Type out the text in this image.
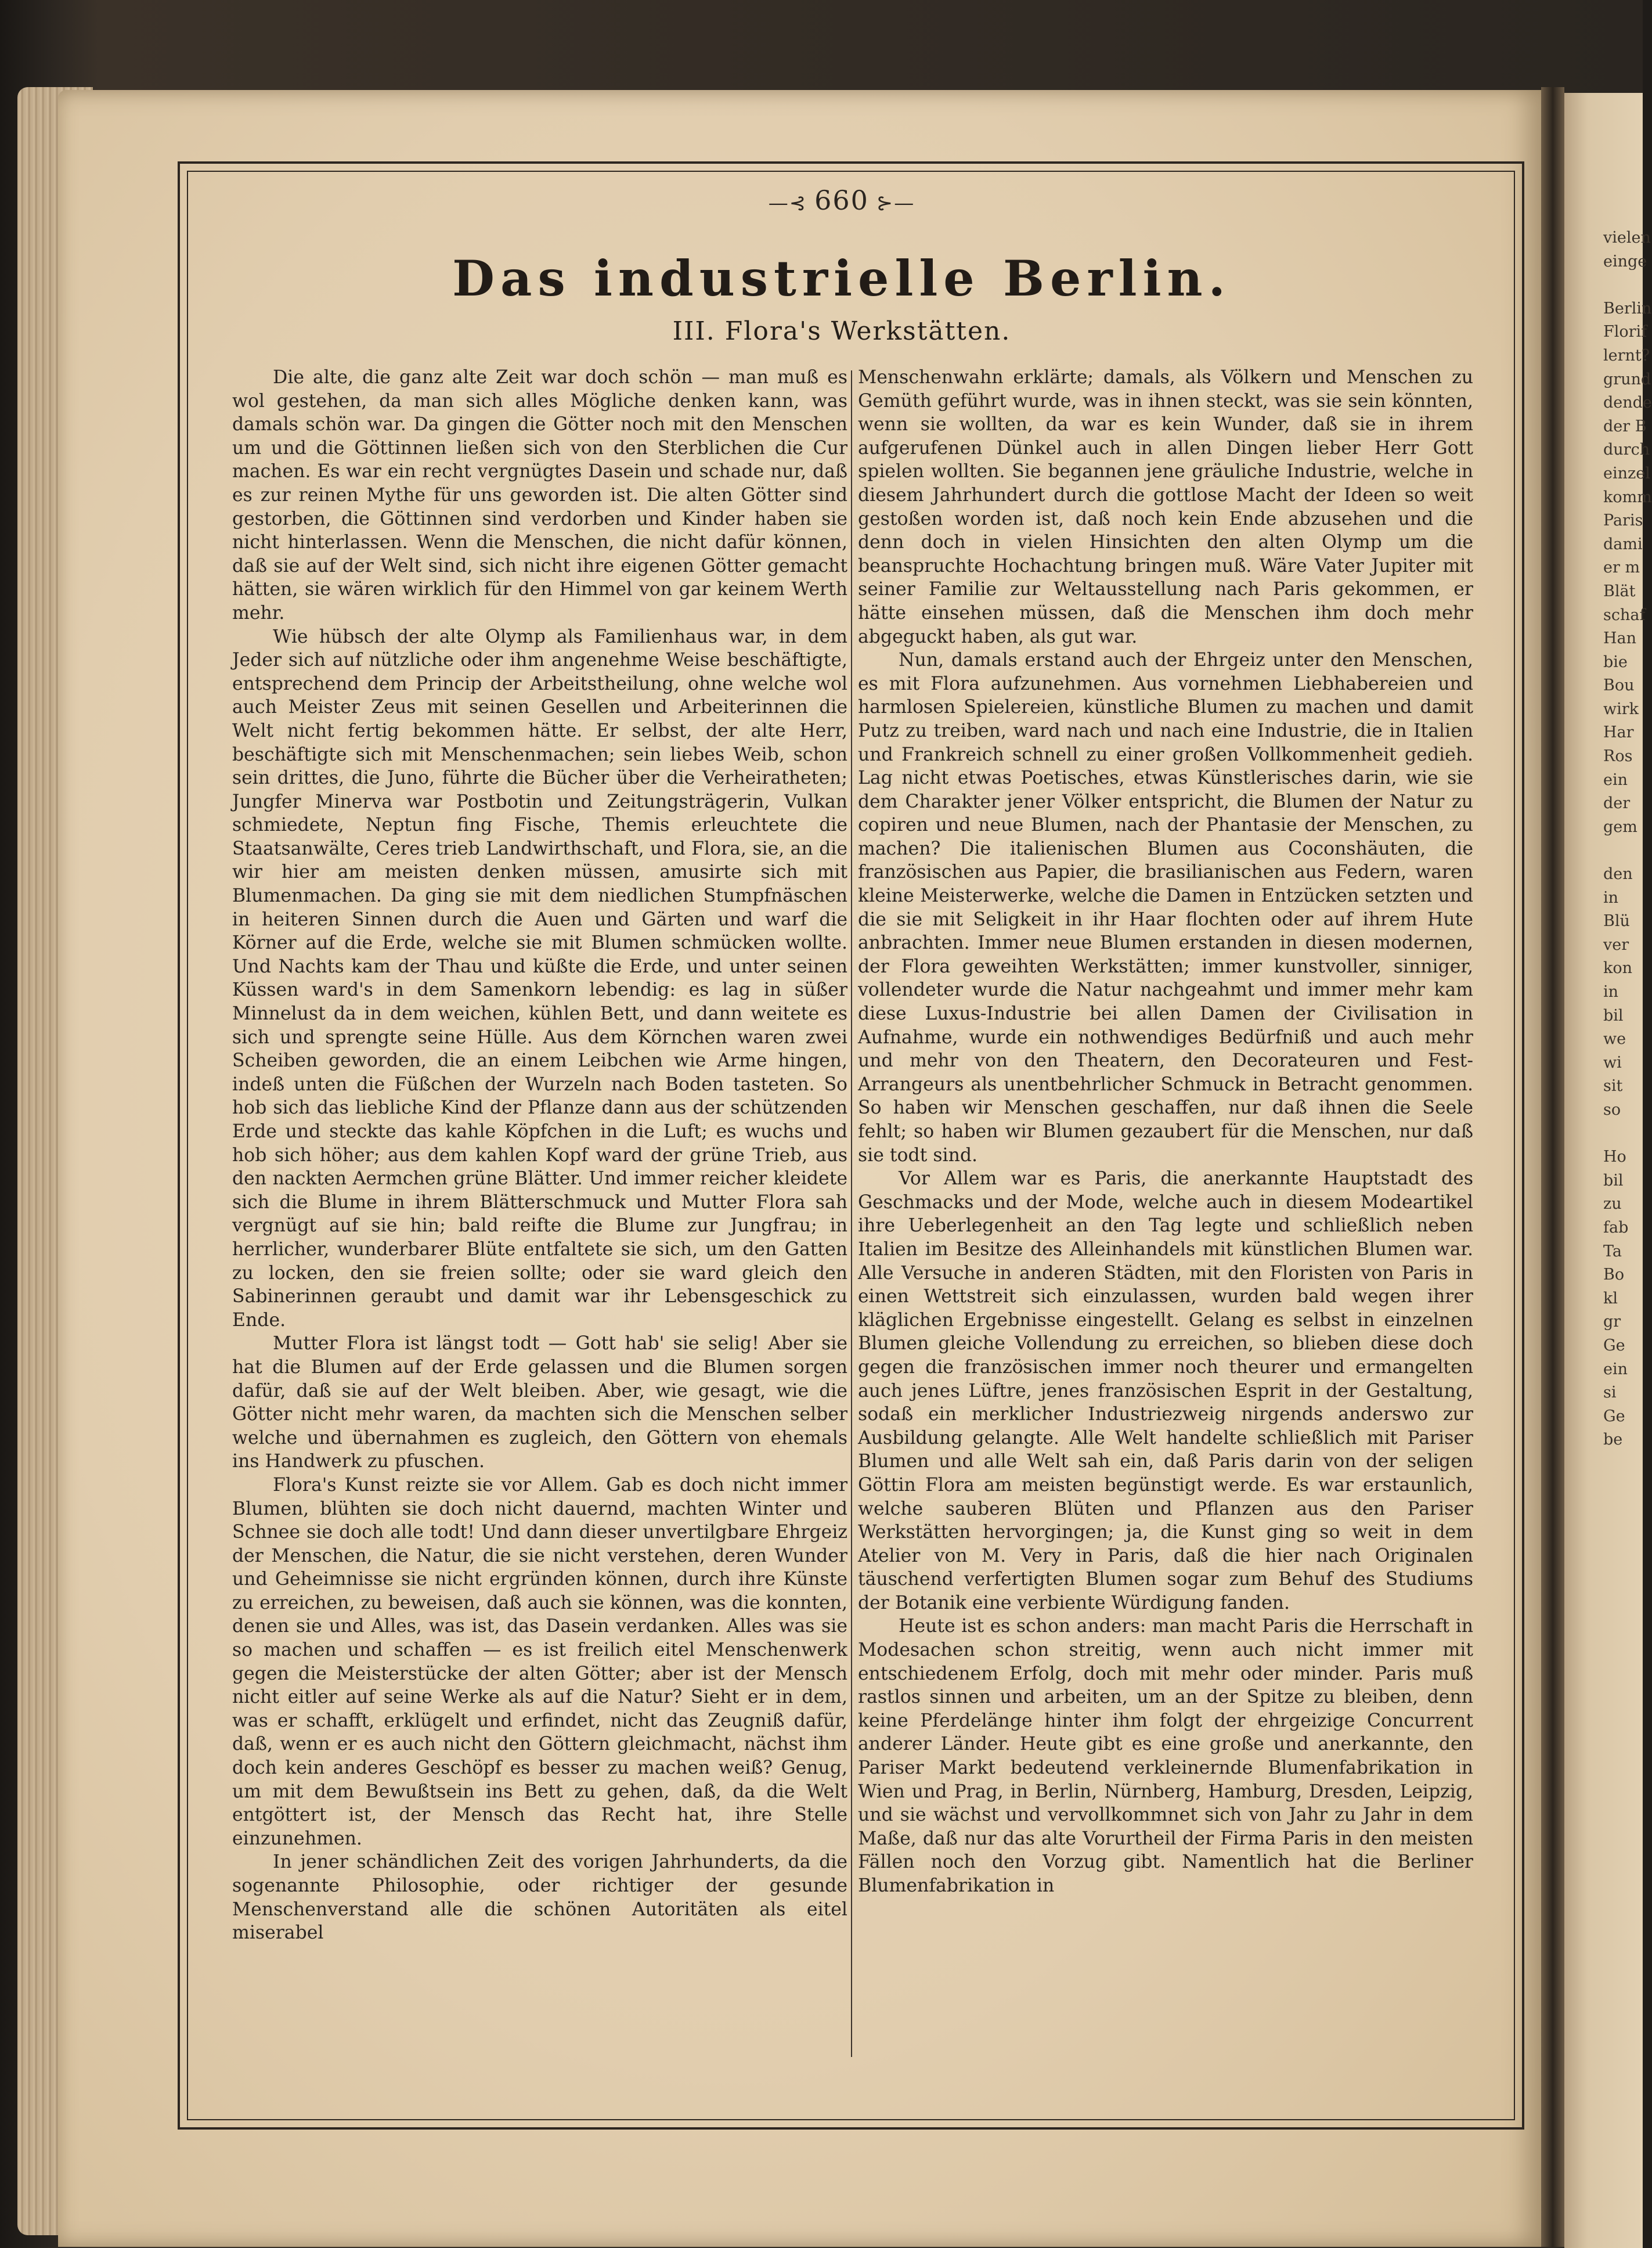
vielen
einge

Berlin
Florif
lernt?
grund
dende
der
durch
einzel
komm
Paris
dami
er m
Blät
schaf
Han
bie
Bou
wirk
Har
Ros
ein
der
gem

den
in
Blü
ver
kon
in
bil
we
wi
sit
so

Ho
bil
zu
fab
Ta
Bo
kl
gr
Ge
ein
si
Ge
be
—⊰ 660 ⊱—
Das industrielle Berlin.
III. Flora's Werkstätten.

Die alte, die ganz alte Zeit war doch schön — man muß es wol gestehen, da man sich alles Mögliche denken kann, was damals schön war. Da gingen die Götter noch mit den Menschen um und die Göttinnen ließen sich von den Sterblichen die Cur machen. Es war ein recht vergnügtes Dasein und schade nur, daß es zur reinen Mythe für uns geworden ist. Die alten Götter sind gestorben, die Göttinnen sind verdorben und Kinder haben sie nicht hinterlassen. Wenn die Menschen, die nicht dafür können, daß sie auf der Welt sind, sich nicht ihre eigenen Götter gemacht hätten, sie wären wirklich für den Himmel von gar keinem Werth mehr.

Wie hübsch der alte Olymp als Familienhaus war, in dem Jeder sich auf nützliche oder ihm angenehme Weise beschäftigte, entsprechend dem Princip der Arbeitstheilung, ohne welche wol auch Meister Zeus mit seinen Gesellen und Arbeiterinnen die Welt nicht fertig bekommen hätte. Er selbst, der alte Herr, beschäftigte sich mit Menschenmachen; sein liebes Weib, schon sein drittes, die Juno, führte die Bücher über die Verheiratheten; Jungfer Minerva war Postbotin und Zeitungsträgerin, Vulkan schmiedete, Neptun fing Fische, Themis erleuchtete die Staatsanwälte, Ceres trieb Landwirthschaft, und Flora, sie, an die wir hier am meisten denken müssen, amusirte sich mit Blumenmachen. Da ging sie mit dem niedlichen Stumpfnäschen in heiteren Sinnen durch die Auen und Gärten und warf die Körner auf die Erde, welche sie mit Blumen schmücken wollte. Und Nachts kam der Thau und küßte die Erde, und unter seinen Küssen ward's in dem Samenkorn lebendig: es lag in süßer Minnelust da in dem weichen, kühlen Bett, und dann weitete es sich und sprengte seine Hülle. Aus dem Körnchen waren zwei Scheiben geworden, die an einem Leibchen wie Arme hingen, indeß unten die Füßchen der Wurzeln nach Boden tasteten. So hob sich das liebliche Kind der Pflanze dann aus der schützenden Erde und steckte das kahle Köpfchen in die Luft; es wuchs und hob sich höher; aus dem kahlen Kopf ward der grüne Trieb, aus den nackten Aermchen grüne Blätter. Und immer reicher kleidete sich die Blume in ihrem Blätterschmuck und Mutter Flora sah vergnügt auf sie hin; bald reifte die Blume zur Jungfrau; in herrlicher, wunderbarer Blüte entfaltete sie sich, um den Gatten zu locken, den sie freien sollte; oder sie ward gleich den Sabinerinnen geraubt und damit war ihr Lebensgeschick zu Ende.

Mutter Flora ist längst todt — Gott hab' sie selig! Aber sie hat die Blumen auf der Erde gelassen und die Blumen sorgen dafür, daß sie auf der Welt bleiben. Aber, wie gesagt, wie die Götter nicht mehr waren, da machten sich die Menschen selber welche und übernahmen es zugleich, den Göttern von ehemals ins Handwerk zu pfuschen.

Flora's Kunst reizte sie vor Allem. Gab es doch nicht immer Blumen, blühten sie doch nicht dauernd, machten Winter und Schnee sie doch alle todt! Und dann dieser unvertilgbare Ehrgeiz der Menschen, die Natur, die sie nicht verstehen, deren Wunder und Geheimnisse sie nicht ergründen können, durch ihre Künste zu erreichen, zu beweisen, daß auch sie können, was die konnten, denen sie und Alles, was ist, das Dasein verdanken. Alles was sie so machen und schaffen — es ist freilich eitel Menschenwerk gegen die Meisterstücke der alten Götter; aber ist der Mensch nicht eitler auf seine Werke als auf die Natur? Sieht er in dem, was er schafft, erklügelt und erfindet, nicht das Zeugniß dafür, daß, wenn er es auch nicht den Göttern gleichmacht, nächst ihm doch kein anderes Geschöpf es besser zu machen weiß? Genug, um mit dem Bewußtsein ins Bett zu gehen, daß, da die Welt entgöttert ist, der Mensch das Recht hat, ihre Stelle einzunehmen.

In jener schändlichen Zeit des vorigen Jahrhunderts, da die sogenannte Philosophie, oder richtiger der gesunde Menschenverstand alle die schönen Autoritäten als eitel miserabel

Menschenwahn erklärte; damals, als Völkern und Menschen zu Gemüth geführt wurde, was in ihnen steckt, was sie sein könnten, wenn sie wollten, da war es kein Wunder, daß sie in ihrem aufgerufenen Dünkel auch in allen Dingen lieber Herr Gott spielen wollten. Sie begannen jene gräuliche Industrie, welche in diesem Jahrhundert durch die gottlose Macht der Ideen so weit gestoßen worden ist, daß noch kein Ende abzusehen und die denn doch in vielen Hinsichten den alten Olymp um die beanspruchte Hochachtung bringen muß. Wäre Vater Jupiter mit seiner Familie zur Weltausstellung nach Paris gekommen, er hätte einsehen müssen, daß die Menschen ihm doch mehr abgeguckt haben, als gut war.

Nun, damals erstand auch der Ehrgeiz unter den Menschen, es mit Flora aufzunehmen. Aus vornehmen Liebhabereien und harmlosen Spielereien, künstliche Blumen zu machen und damit Putz zu treiben, ward nach und nach eine Industrie, die in Italien und Frankreich schnell zu einer großen Vollkommenheit gedieh. Lag nicht etwas Poetisches, etwas Künstlerisches darin, wie sie dem Charakter jener Völker entspricht, die Blumen der Natur zu copiren und neue Blumen, nach der Phantasie der Menschen, zu machen? Die italienischen Blumen aus Coconshäuten, die französischen aus Papier, die brasilianischen aus Federn, waren kleine Meisterwerke, welche die Damen in Entzücken setzten und die sie mit Seligkeit in ihr Haar flochten oder auf ihrem Hute anbrachten. Immer neue Blumen erstanden in diesen modernen, der Flora geweihten Werkstätten; immer kunstvoller, sinniger, vollendeter wurde die Natur nachgeahmt und immer mehr kam diese Luxus-Industrie bei allen Damen der Civilisation in Aufnahme, wurde ein nothwendiges Bedürfniß und auch mehr und mehr von den Theatern, den Decorateuren und Fest-Arrangeurs als unentbehrlicher Schmuck in Betracht genommen. So haben wir Menschen geschaffen, nur daß ihnen die Seele fehlt; so haben wir Blumen gezaubert für die Menschen, nur daß sie todt sind.

Vor Allem war es Paris, die anerkannte Hauptstadt des Geschmacks und der Mode, welche auch in diesem Modeartikel ihre Ueberlegenheit an den Tag legte und schließlich neben Italien im Besitze des Alleinhandels mit künstlichen Blumen war. Alle Versuche in anderen Städten, mit den Floristen von Paris in einen Wettstreit sich einzulassen, wurden bald wegen ihrer kläglichen Ergebnisse eingestellt. Gelang es selbst in einzelnen Blumen gleiche Vollendung zu erreichen, so blieben diese doch gegen die französischen immer noch theurer und ermangelten auch jenes Lüftre, jenes französischen Esprit in der Gestaltung, sodaß ein merklicher Industriezweig nirgends anderswo zur Ausbildung gelangte. Alle Welt handelte schließlich mit Pariser Blumen und alle Welt sah ein, daß Paris darin von der seligen Göttin Flora am meisten begünstigt werde. Es war erstaunlich, welche sauberen Blüten und Pflanzen aus den Pariser Werkstätten hervorgingen; ja, die Kunst ging so weit in dem Atelier von M. Very in Paris, daß die hier nach Originalen täuschend verfertigten Blumen sogar zum Behuf des Studiums der Botanik eine verbiente Würdigung fanden.

Heute ist es schon anders: man macht Paris die Herrschaft in Modesachen schon streitig, wenn auch nicht immer mit entschiedenem Erfolg, doch mit mehr oder minder. Paris muß rastlos sinnen und arbeiten, um an der Spitze zu bleiben, denn keine Pferdelänge hinter ihm folgt der ehrgeizige Concurrent anderer Länder. Heute gibt es eine große und anerkannte, den Pariser Markt bedeutend verkleinernde Blumenfabrikation in Wien und Prag, in Berlin, Nürnberg, Hamburg, Dresden, Leipzig, und sie wächst und vervollkommnet sich von Jahr zu Jahr in dem Maße, daß nur das alte Vorurtheil der Firma Paris in den meisten Fällen noch den Vorzug gibt. Namentlich hat die Berliner Blumenfabrikation in
